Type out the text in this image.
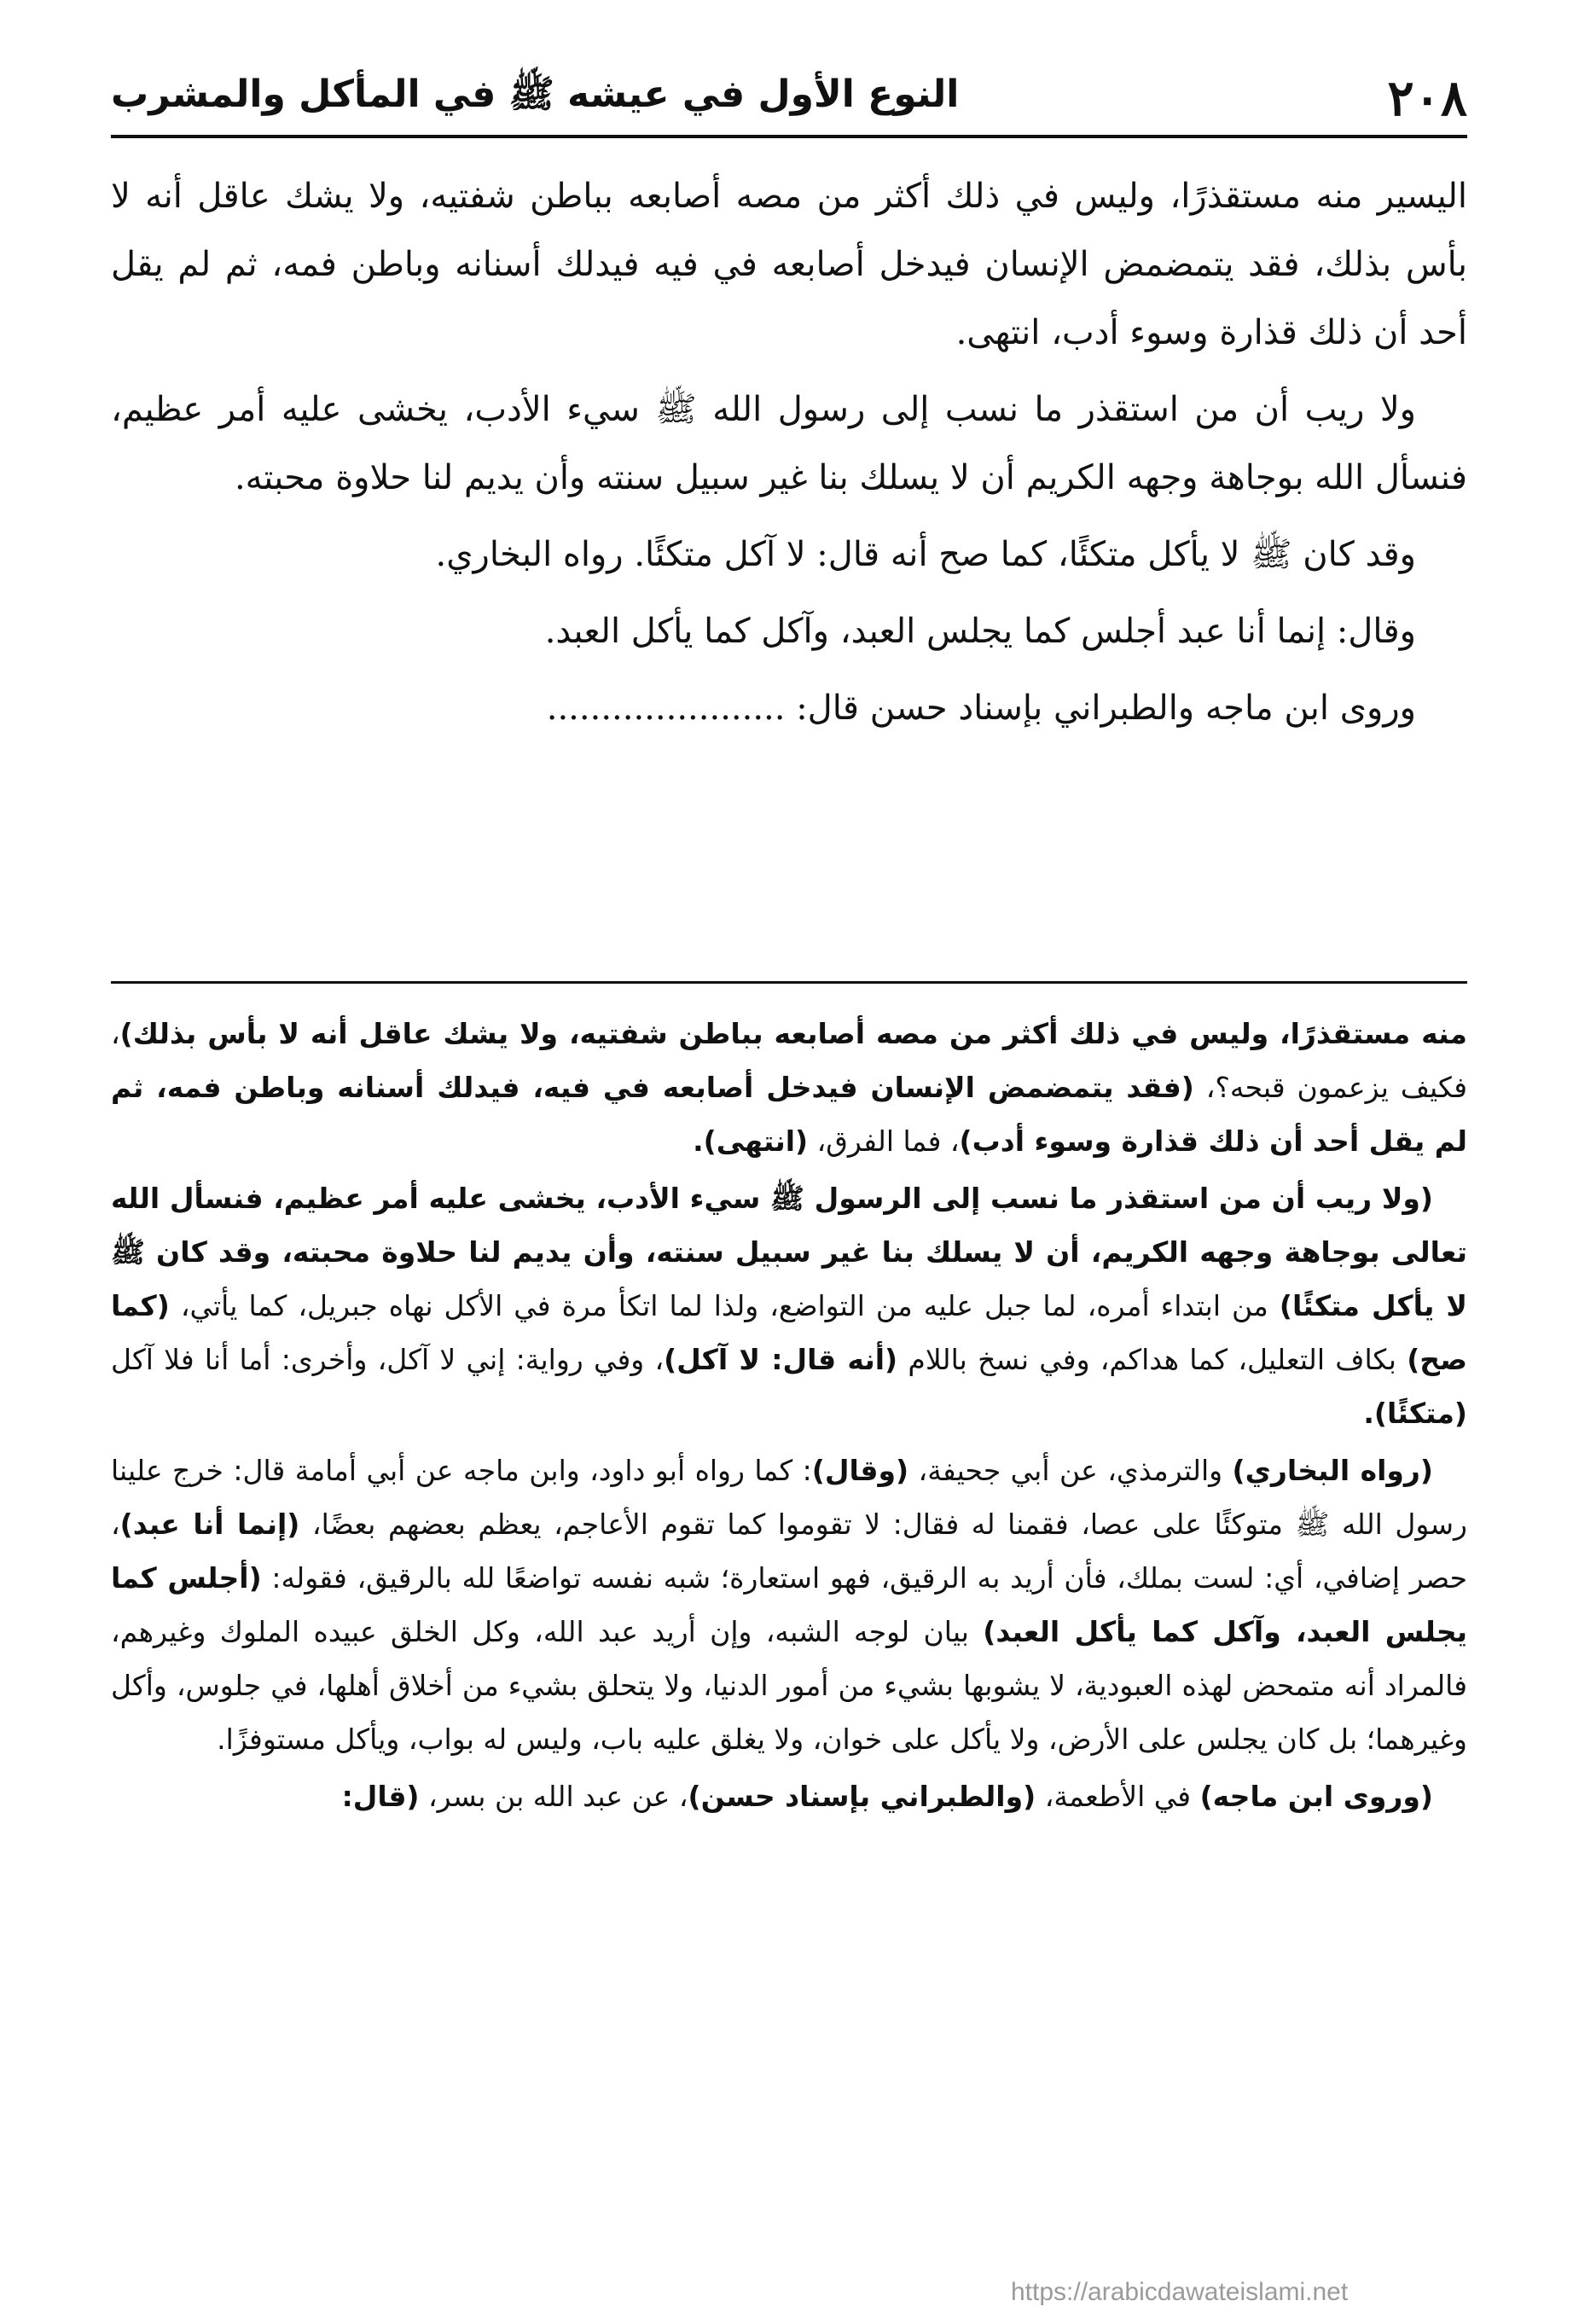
٢٠٨
النوع الأول في عيشه ﷺ في المأكل والمشرب

اليسير منه مستقذرًا، وليس في ذلك أكثر من مصه أصابعه بباطن شفتيه، ولا يشك عاقل أنه لا بأس بذلك، فقد يتمضمض الإنسان فيدخل أصابعه في فيه فيدلك أسنانه وباطن فمه، ثم لم يقل أحد أن ذلك قذارة وسوء أدب، انتهى.

ولا ريب أن من استقذر ما نسب إلى رسول الله ﷺ سيء الأدب، يخشى عليه أمر عظيم، فنسأل الله بوجاهة وجهه الكريم أن لا يسلك بنا غير سبيل سنته وأن يديم لنا حلاوة محبته.

وقد كان ﷺ لا يأكل متكئًا، كما صح أنه قال: لا آكل متكئًا. رواه البخاري.

وقال: إنما أنا عبد أجلس كما يجلس العبد، وآكل كما يأكل العبد.

وروى ابن ماجه والطبراني بإسناد حسن قال: ......................

منه مستقذرًا، وليس في ذلك أكثر من مصه أصابعه بباطن شفتيه، ولا يشك عاقل أنه لا بأس بذلك)، فكيف يزعمون قبحه؟، (فقد يتمضمض الإنسان فيدخل أصابعه في فيه، فيدلك أسنانه وباطن فمه، ثم لم يقل أحد أن ذلك قذارة وسوء أدب)، فما الفرق، (انتهى).

(ولا ريب أن من استقذر ما نسب إلى الرسول ﷺ سيء الأدب، يخشى عليه أمر عظيم، فنسأل الله تعالى بوجاهة وجهه الكريم، أن لا يسلك بنا غير سبيل سنته، وأن يديم لنا حلاوة محبته، وقد كان ﷺ لا يأكل متكئًا) من ابتداء أمره، لما جبل عليه من التواضع، ولذا لما اتكأ مرة في الأكل نهاه جبريل، كما يأتي، (كما صح) بكاف التعليل، كما هداكم، وفي نسخ باللام (أنه قال: لا آكل)، وفي رواية: إني لا آكل، وأخرى: أما أنا فلا آكل (متكئًا).

(رواه البخاري) والترمذي، عن أبي جحيفة، (وقال): كما رواه أبو داود، وابن ماجه عن أبي أمامة قال: خرج علينا رسول الله ﷺ متوكئًا على عصا، فقمنا له فقال: لا تقوموا كما تقوم الأعاجم، يعظم بعضهم بعضًا، (إنما أنا عبد)، حصر إضافي، أي: لست بملك، فأن أريد به الرقيق، فهو استعارة؛ شبه نفسه تواضعًا لله بالرقيق، فقوله: (أجلس كما يجلس العبد، وآكل كما يأكل العبد) بيان لوجه الشبه، وإن أريد عبد الله، وكل الخلق عبيده الملوك وغيرهم، فالمراد أنه متمحض لهذه العبودية، لا يشوبها بشيء من أمور الدنيا، ولا يتحلق بشيء من أخلاق أهلها، في جلوس، وأكل وغيرهما؛ بل كان يجلس على الأرض، ولا يأكل على خوان، ولا يغلق عليه باب، وليس له بواب، ويأكل مستوفزًا.

(وروى ابن ماجه) في الأطعمة، (والطبراني بإسناد حسن)، عن عبد الله بن بسر، (قال:

https://arabicdawateislami.net
